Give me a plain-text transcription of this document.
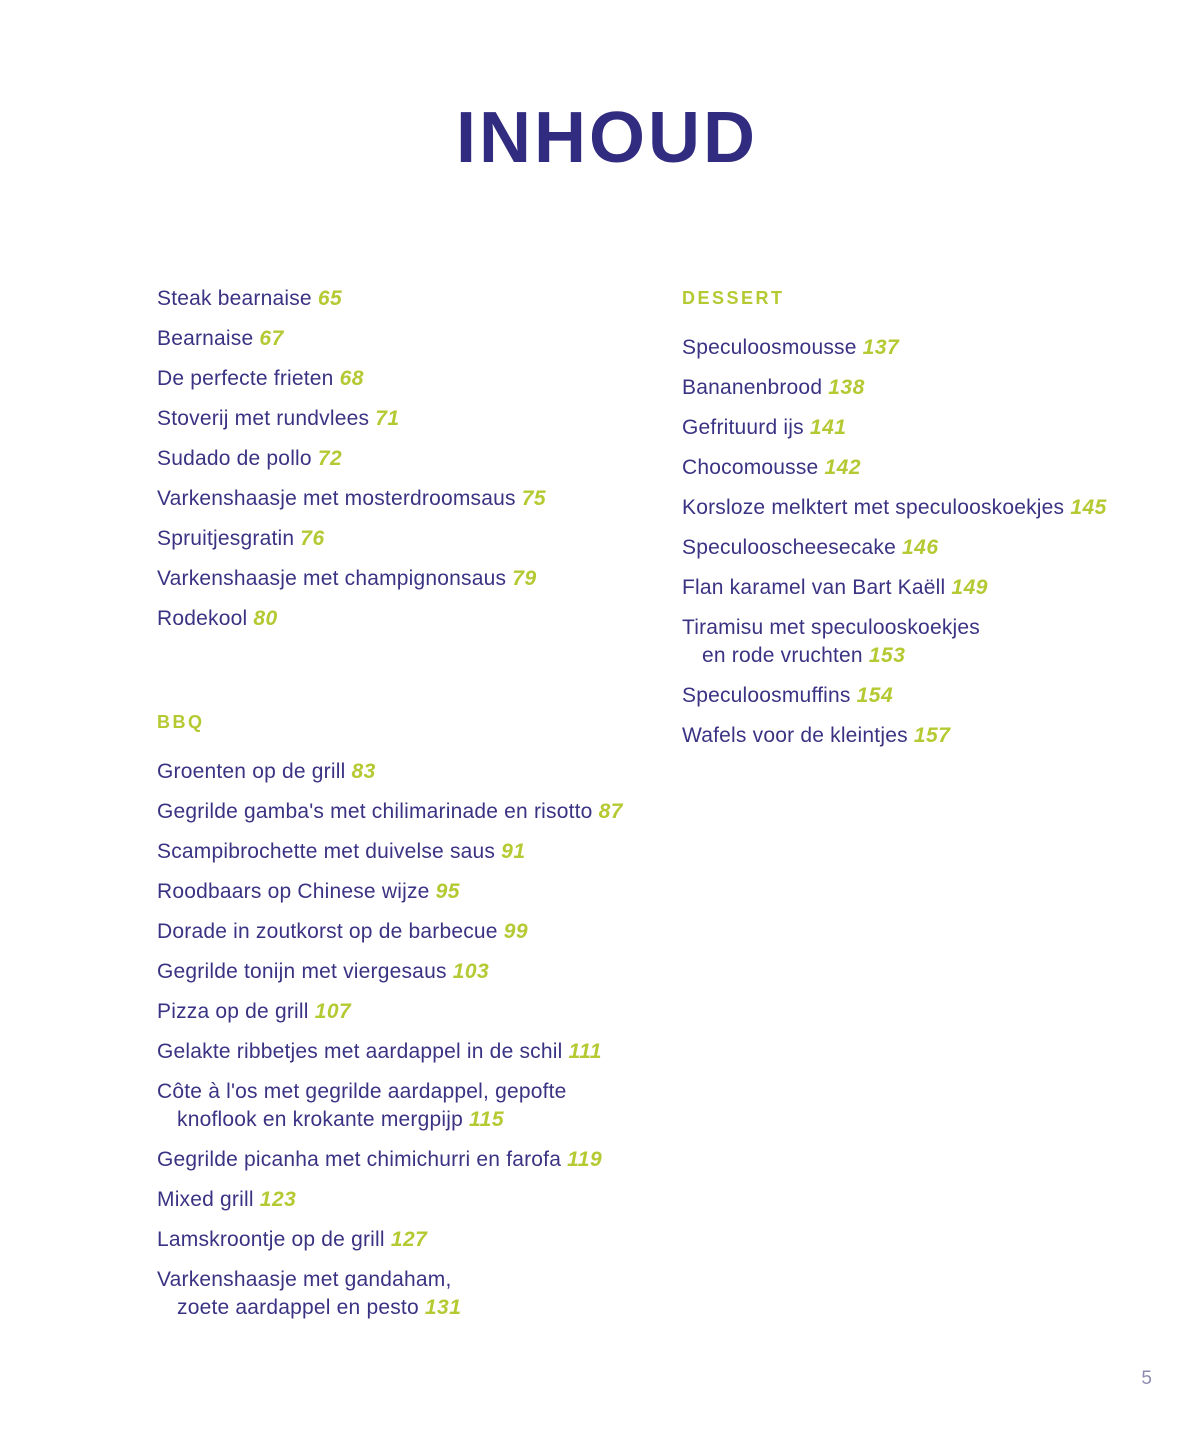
INHOUD
Steak bearnaise 65
Bearnaise 67
De perfecte frieten 68
Stoverij met rundvlees 71
Sudado de pollo 72
Varkenshaasje met mosterdroomsaus 75
Spruitjesgratin 76
Varkenshaasje met champignonsaus 79
Rodekool 80
BBQ
Groenten op de grill 83
Gegrilde gamba's met chilimarinade en risotto 87
Scampibrochette met duivelse saus 91
Roodbaars op Chinese wijze 95
Dorade in zoutkorst op de barbecue 99
Gegrilde tonijn met viergesaus 103
Pizza op de grill 107
Gelakte ribbetjes met aardappel in de schil 111
Côte à l'os met gegrilde aardappel, gepofte
knoflook en krokante mergpijp 115
Gegrilde picanha met chimichurri en farofa 119
Mixed grill 123
Lamskroontje op de grill 127
Varkenshaasje met gandaham,
zoete aardappel en pesto 131
DESSERT
Speculoosmousse 137
Bananenbrood 138
Gefrituurd ijs 141
Chocomousse 142
Korsloze melktert met speculooskoekjes 145
Speculooscheesecake 146
Flan karamel van Bart Kaëll 149
Tiramisu met speculooskoekjes
en rode vruchten 153
Speculoosmuffins 154
Wafels voor de kleintjes 157
5
